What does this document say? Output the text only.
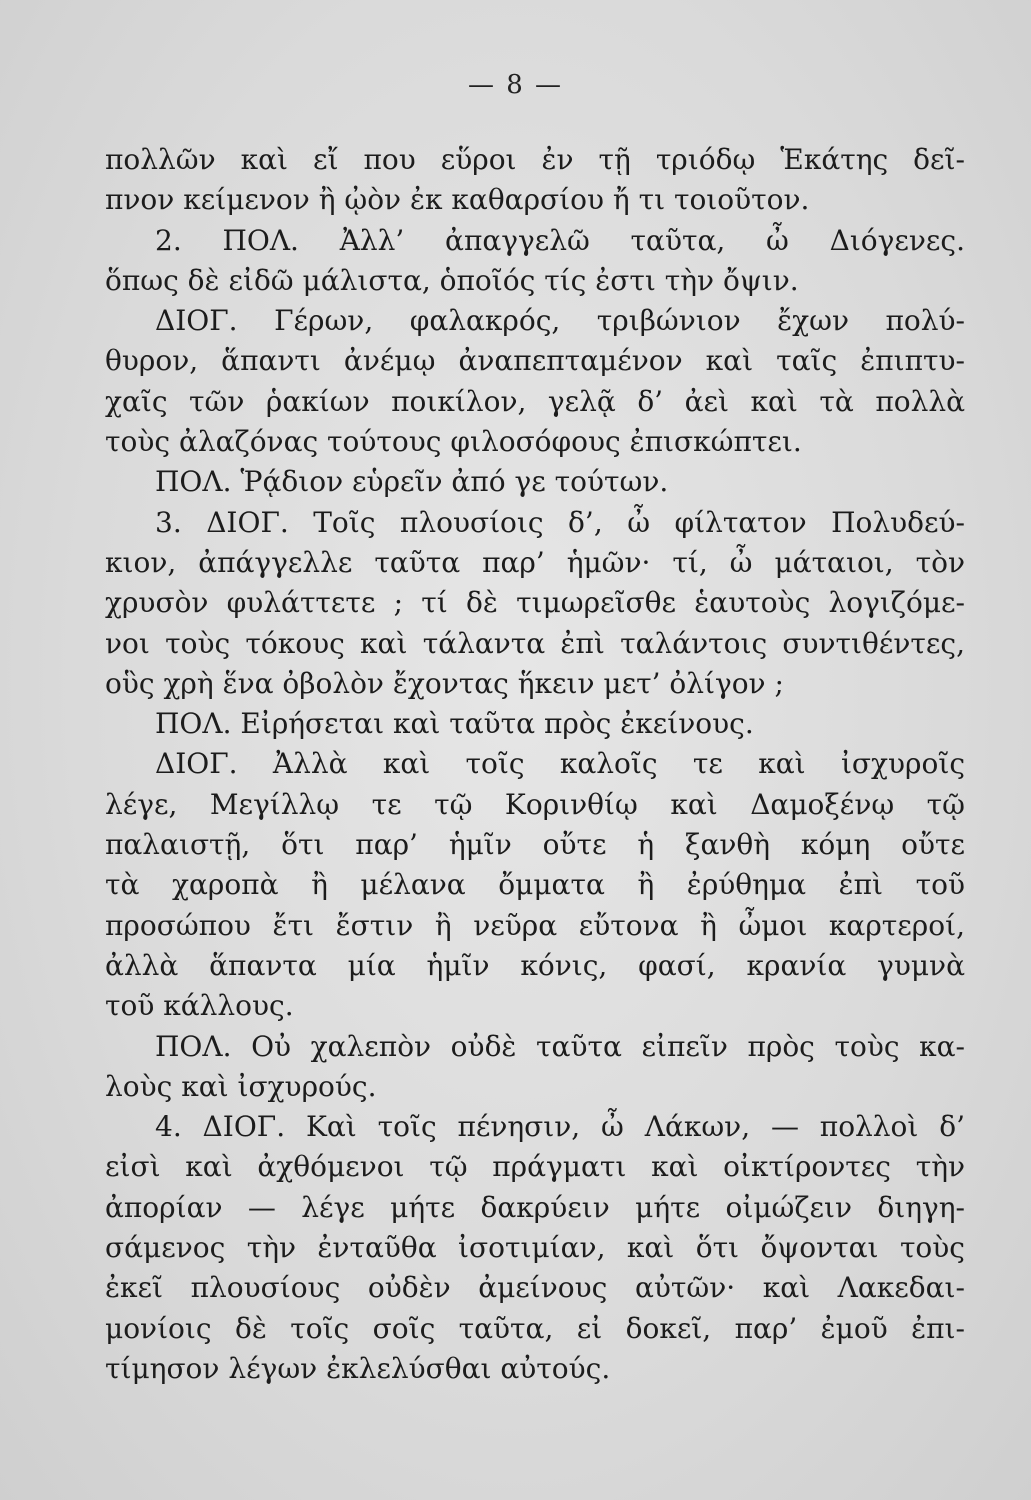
— 8 —
πολλῶν καὶ εἴ που εὕροι ἐν τῇ τριόδῳ Ἑκάτης δεῖ-
πνον κείμενον ἢ ᾠὸν ἐκ καθαρσίου ἤ τι τοιοῦτον.
2. ΠΟΛ. Ἀλλ’ ἀπαγγελῶ ταῦτα, ὦ Διόγενες.
ὅπως δὲ εἰδῶ μάλιστα, ὁποῖός τίς ἐστι τὴν ὄψιν.
ΔΙΟΓ. Γέρων, φαλακρός, τριβώνιον ἔχων πολύ-
θυρον, ἅπαντι ἀνέμῳ ἀναπεπταμένον καὶ ταῖς ἐπιπτυ-
χαῖς τῶν ῥακίων ποικίλον, γελᾷ δ’ ἀεὶ καὶ τὰ πολλὰ
τοὺς ἀλαζόνας τούτους φιλοσόφους ἐπισκώπτει.
ΠΟΛ. Ῥᾴδιον εὑρεῖν ἀπό γε τούτων.
3. ΔΙΟΓ. Τοῖς πλουσίοις δ’, ὦ φίλτατον Πολυδεύ-
κιον, ἀπάγγελλε ταῦτα παρ’ ἡμῶν· τί, ὦ μάταιοι, τὸν
χρυσὸν φυλάττετε ; τί δὲ τιμωρεῖσθε ἑαυτοὺς λογιζόμε-
νοι τοὺς τόκους καὶ τάλαντα ἐπὶ ταλάντοις συντιθέντες,
οὓς χρὴ ἕνα ὀβολὸν ἔχοντας ἥκειν μετ’ ὀλίγον ;
ΠΟΛ. Εἰρήσεται καὶ ταῦτα πρὸς ἐκείνους.
ΔΙΟΓ. Ἀλλὰ καὶ τοῖς καλοῖς τε καὶ ἰσχυροῖς
λέγε, Μεγίλλῳ τε τῷ Κορινθίῳ καὶ Δαμοξένῳ τῷ
παλαιστῇ, ὅτι παρ’ ἡμῖν οὔτε ἡ ξανθὴ κόμη οὔτε
τὰ χαροπὰ ἢ μέλανα ὄμματα ἢ ἐρύθημα ἐπὶ τοῦ
προσώπου ἔτι ἔστιν ἢ νεῦρα εὔτονα ἢ ὦμοι καρτεροί,
ἀλλὰ ἅπαντα μία ἡμῖν κόνις, φασί, κρανία γυμνὰ
τοῦ κάλλους.
ΠΟΛ. Οὐ χαλεπὸν οὐδὲ ταῦτα εἰπεῖν πρὸς τοὺς κα-
λοὺς καὶ ἰσχυρούς.
4. ΔΙΟΓ. Καὶ τοῖς πένησιν, ὦ Λάκων, — πολλοὶ δ’
εἰσὶ καὶ ἀχθόμενοι τῷ πράγματι καὶ οἰκτίροντες τὴν
ἀπορίαν — λέγε μήτε δακρύειν μήτε οἰμώζειν διηγη-
σάμενος τὴν ἐνταῦθα ἰσοτιμίαν, καὶ ὅτι ὄψονται τοὺς
ἐκεῖ πλουσίους οὐδὲν ἀμείνους αὐτῶν· καὶ Λακεδαι-
μονίοις δὲ τοῖς σοῖς ταῦτα, εἰ δοκεῖ, παρ’ ἐμοῦ ἐπι-
τίμησον λέγων ἐκλελύσθαι αὐτούς.
